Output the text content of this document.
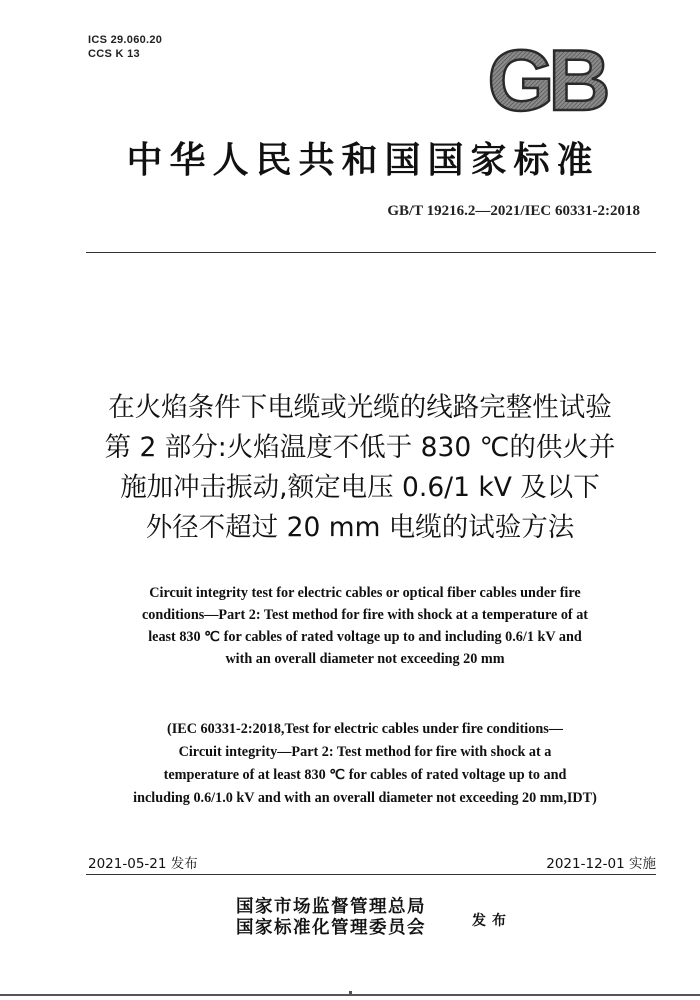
ICS 29.060.20
CCS K 13	GB
中华人民共和国国家标准
GB/T 19216.2—2021/IEC 60331-2:2018
在火焰条件下电缆或光缆的线路完整性试验
第 2 部分:火焰温度不低于 830 ℃的供火并
施加冲击振动,额定电压 0.6/1 kV 及以下
外径不超过 20 mm 电缆的试验方法
Circuit integrity test for electric cables or optical fiber cables under fire
conditions—Part 2: Test method for fire with shock at a temperature of at
least 830 ℃ for cables of rated voltage up to and including 0.6/1 kV and
with an overall diameter not exceeding 20 mm
(IEC 60331-2:2018,Test for electric cables under fire conditions—
Circuit integrity—Part 2: Test method for fire with shock at a
temperature of at least 830 ℃ for cables of rated voltage up to and
including 0.6/1.0 kV and with an overall diameter not exceeding 20 mm,IDT)
2021-05-21 发布	2021-12-01 实施
国家市场监督管理总局
国家标准化管理委员会	发布
